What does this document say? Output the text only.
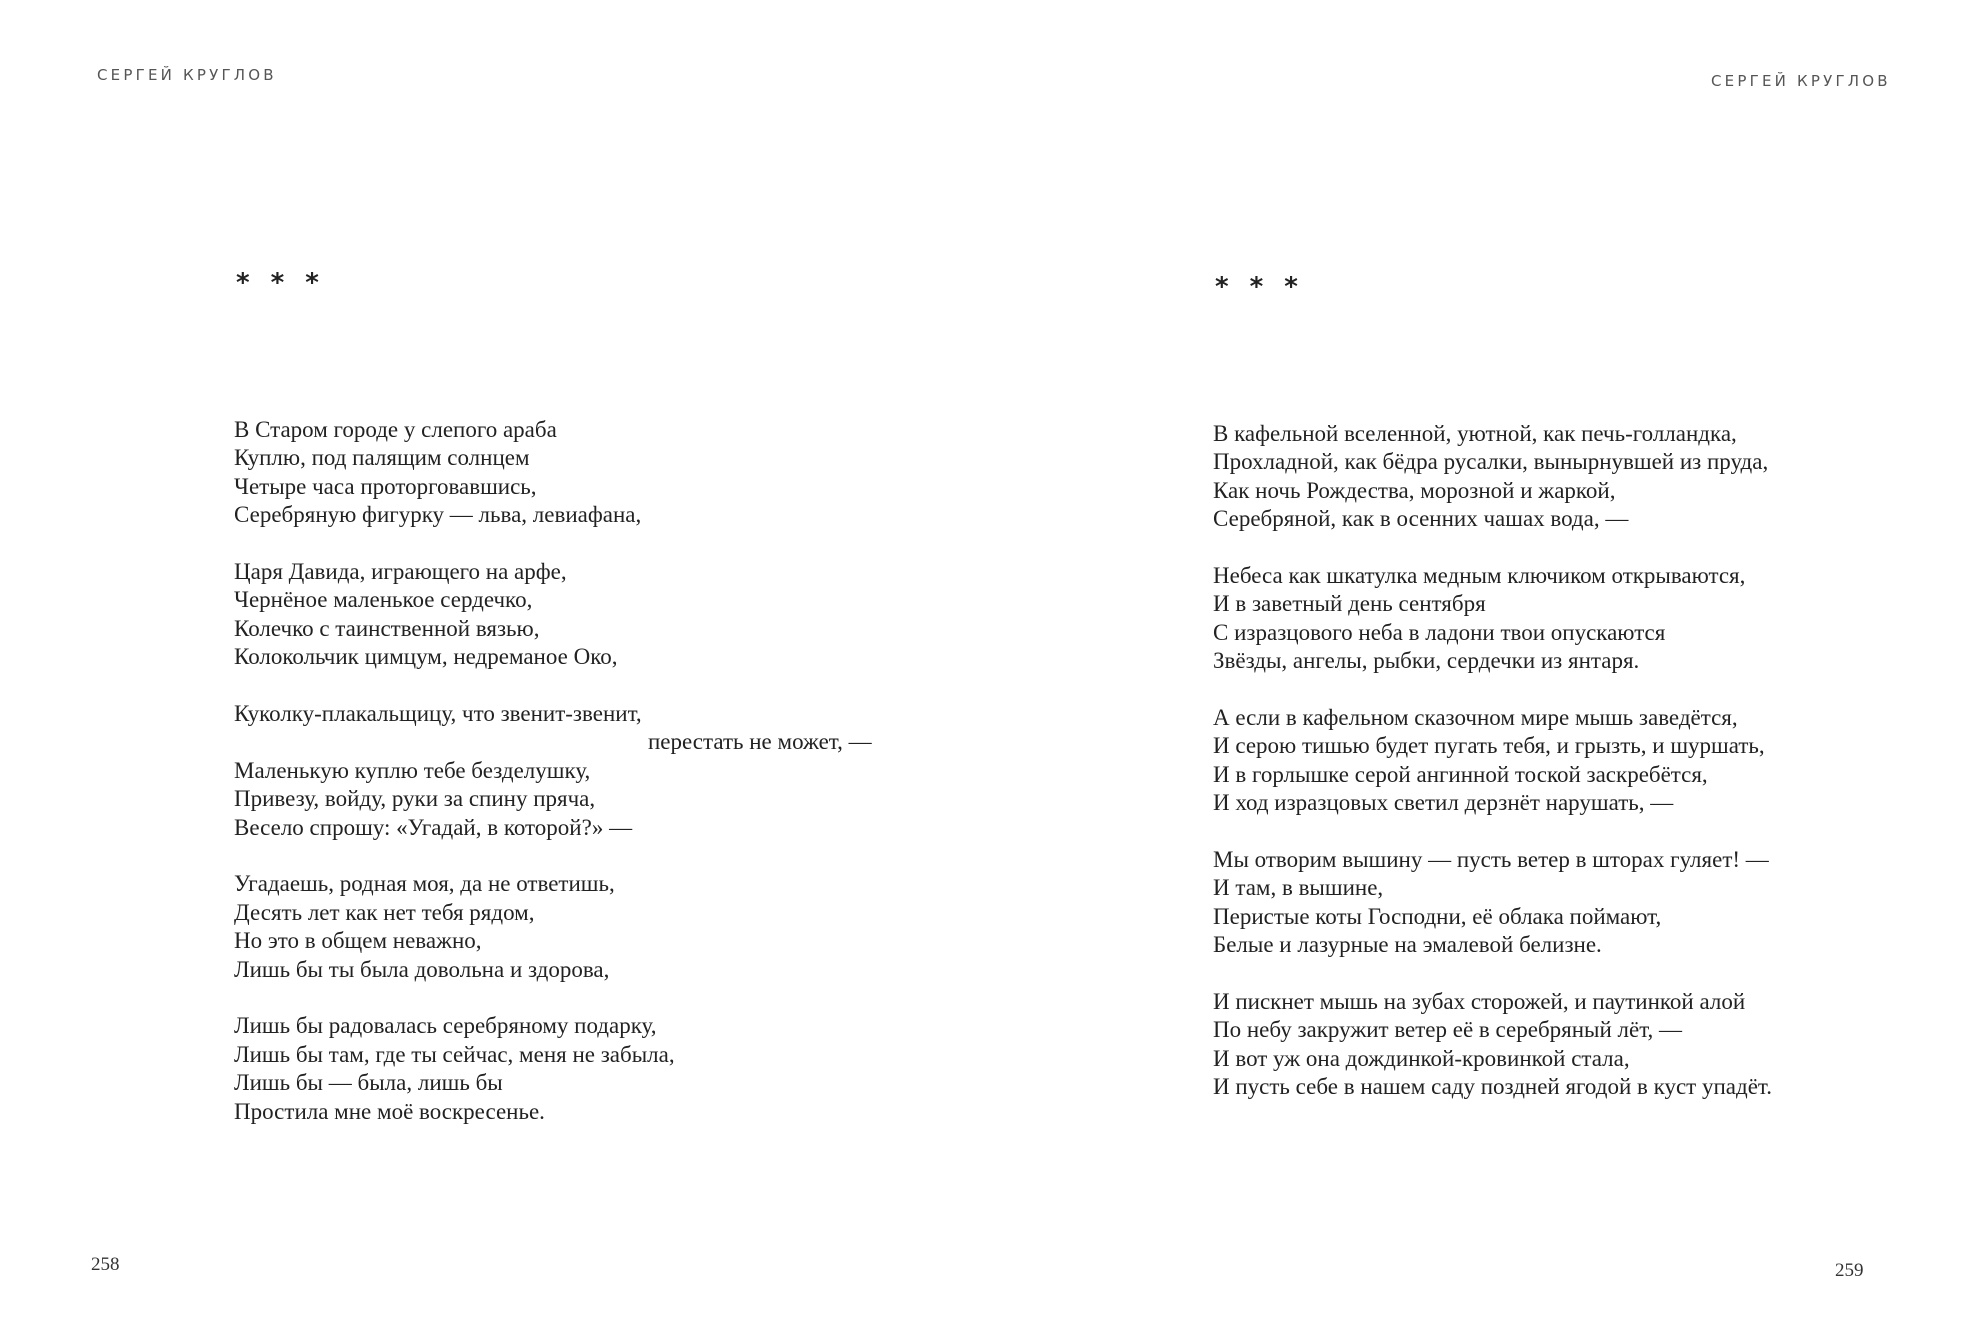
СЕРГЕЙ КРУГЛОВ
* * *
В Старом городе у слепого араба
Куплю, под палящим солнцем
Четыре часа проторговавшись,
Серебряную фигурку — льва, левиафана,
Царя Давида, играющего на арфе,
Чернёное маленькое сердечко,
Колечко с таинственной вязью,
Колокольчик цимцум, недреманое Око,
Куколку-плакальщицу, что звенит-звенит,
перестать не может, —
Маленькую куплю тебе безделушку,
Привезу, войду, руки за спину пряча,
Весело спрошу: «Угадай, в которой?» —
Угадаешь, родная моя, да не ответишь,
Десять лет как нет тебя рядом,
Но это в общем неважно,
Лишь бы ты была довольна и здорова,
Лишь бы радовалась серебряному подарку,
Лишь бы там, где ты сейчас, меня не забыла,
Лишь бы — была, лишь бы
Простила мне моё воскресенье.
258
СЕРГЕЙ КРУГЛОВ
* * *
В кафельной вселенной, уютной, как печь-голландка,
Прохладной, как бёдра русалки, вынырнувшей из пруда,
Как ночь Рождества, морозной и жаркой,
Серебряной, как в осенних чашах вода, —
Небеса как шкатулка медным ключиком открываются,
И в заветный день сентября
С изразцового неба в ладони твои опускаются
Звёзды, ангелы, рыбки, сердечки из янтаря.
А если в кафельном сказочном мире мышь заведётся,
И серою тишью будет пугать тебя, и грызть, и шуршать,
И в горлышке серой ангинной тоской заскребётся,
И ход изразцовых светил дерзнёт нарушать, —
Мы отворим вышину — пусть ветер в шторах гуляет! —
И там, в вышине,
Перистые коты Господни, её облака поймают,
Белые и лазурные на эмалевой белизне.
И пискнет мышь на зубах сторожей, и паутинкой алой
По небу закружит ветер её в серебряный лёт, —
И вот уж она дождинкой-кровинкой стала,
И пусть себе в нашем саду поздней ягодой в куст упадёт.
259
